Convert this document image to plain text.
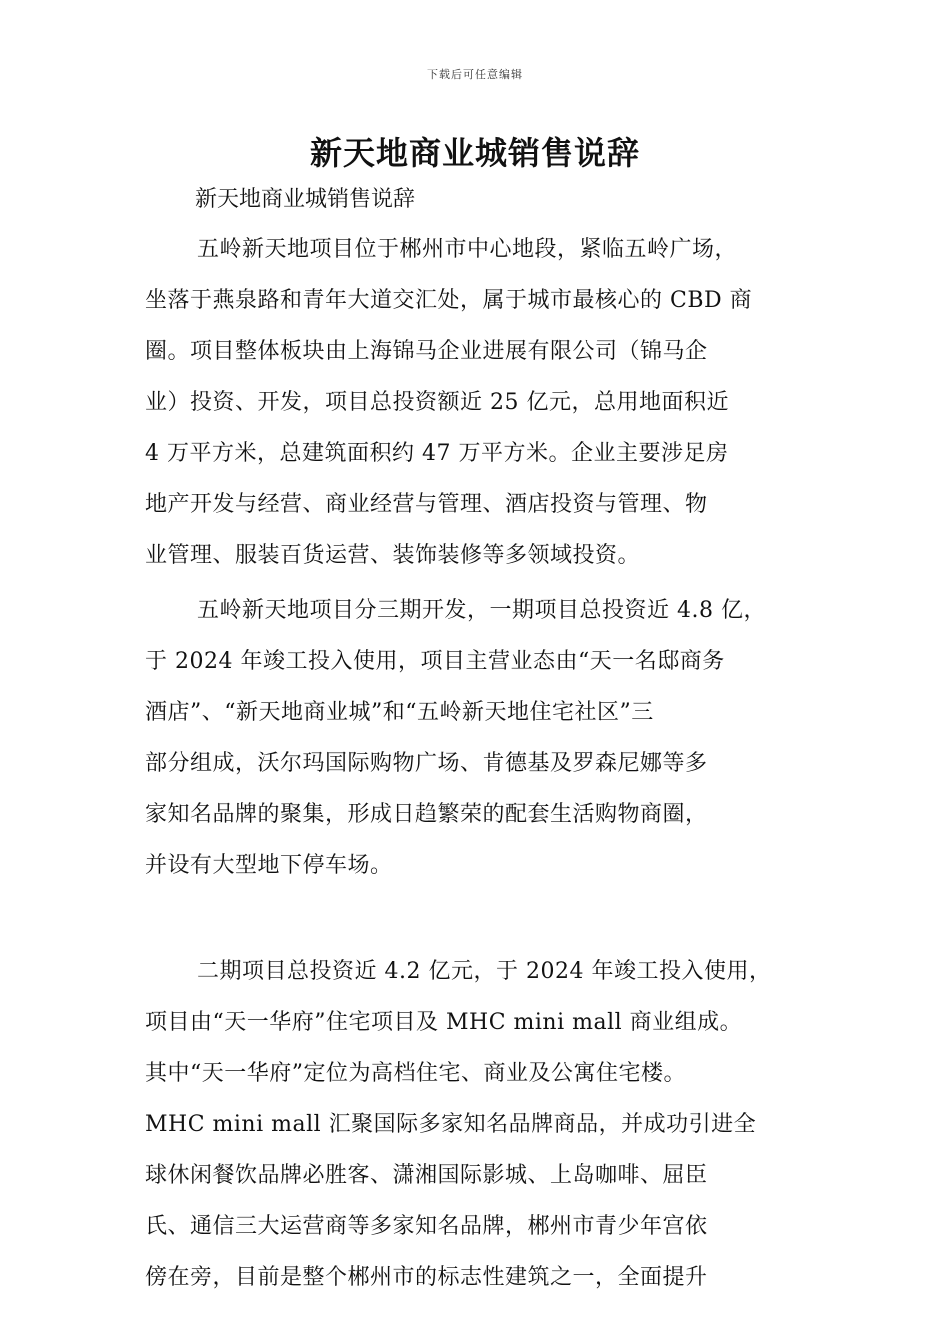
下载后可任意编辑
新天地商业城销售说辞
新天地商业城销售说辞
五岭新天地项目位于郴州市中心地段，紧临五岭广场，
坐落于燕泉路和青年大道交汇处，属于城市最核心的 CBD 商
圈。项目整体板块由上海锦马企业进展有限公司（锦马企
业）投资、开发，项目总投资额近 25 亿元，总用地面积近
4 万平方米，总建筑面积约 47 万平方米。企业主要涉足房
地产开发与经营、商业经营与管理、酒店投资与管理、物
业管理、服装百货运营、装饰装修等多领域投资。
五岭新天地项目分三期开发，一期项目总投资近 4.8 亿，
于 2024 年竣工投入使用，项目主营业态由“天一名邸商务
酒店”、“新天地商业城”和“五岭新天地住宅社区”三
部分组成，沃尔玛国际购物广场、肯德基及罗森尼娜等多
家知名品牌的聚集，形成日趋繁荣的配套生活购物商圈，
并设有大型地下停车场。
二期项目总投资近 4.2 亿元，于 2024 年竣工投入使用，
项目由“天一华府”住宅项目及 MHC mini mall 商业组成。
其中“天一华府”定位为高档住宅、商业及公寓住宅楼。
MHC mini mall 汇聚国际多家知名品牌商品，并成功引进全
球休闲餐饮品牌必胜客、潇湘国际影城、上岛咖啡、屈臣
氏、通信三大运营商等多家知名品牌，郴州市青少年宫依
傍在旁，目前是整个郴州市的标志性建筑之一，全面提升
